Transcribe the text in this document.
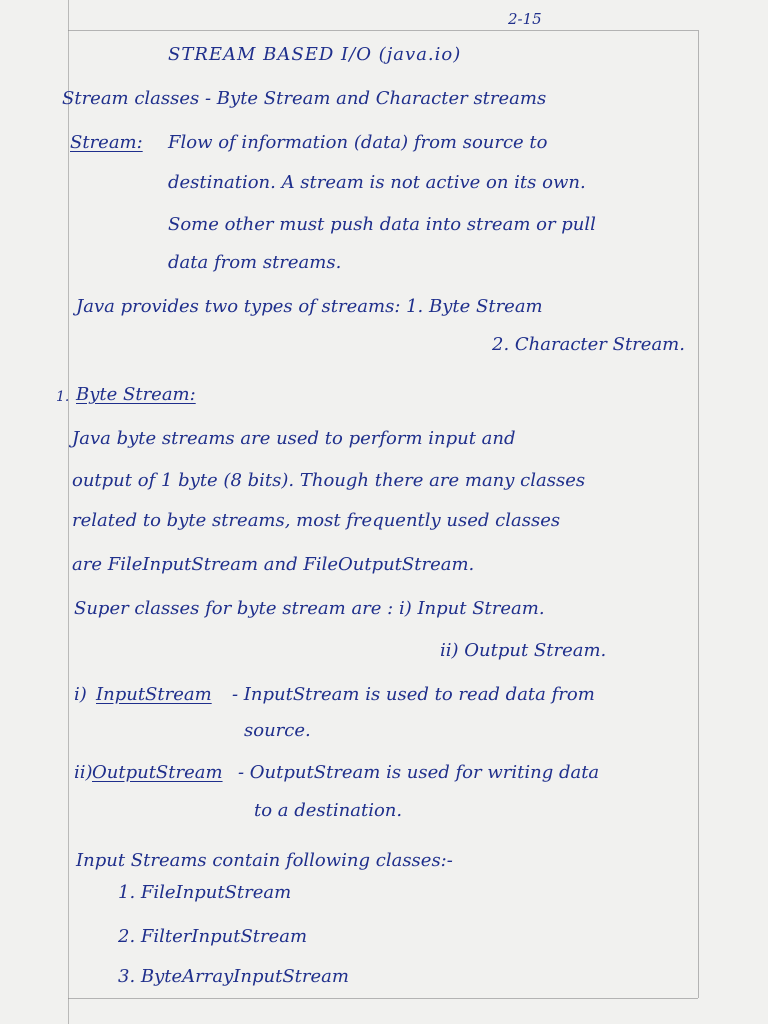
2-15
STREAM BASED I/O (java.io)
Stream classes - Byte Stream and Character streams
Stream: Flow of information (data) from source to
destination. A stream is not active on its own.
Some other must push data into stream or pull
data from streams.
Java provides two types of streams: 1. Byte Stream
2. Character Stream.
1. Byte Stream:
Java byte streams are used to perform input and
output of 1 byte (8 bits). Though there are many classes
related to byte streams, most frequently used classes
are FileInputStream and FileOutputStream.
Super classes for byte stream are : i) Input Stream.
ii) Output Stream.
i) InputStream - InputStream is used to read data from
source.
ii) OutputStream - OutputStream is used for writing data
to a destination.
Input Streams contain following classes:-
1. FileInputStream
2. FilterInputStream
3. ByteArrayInputStream
